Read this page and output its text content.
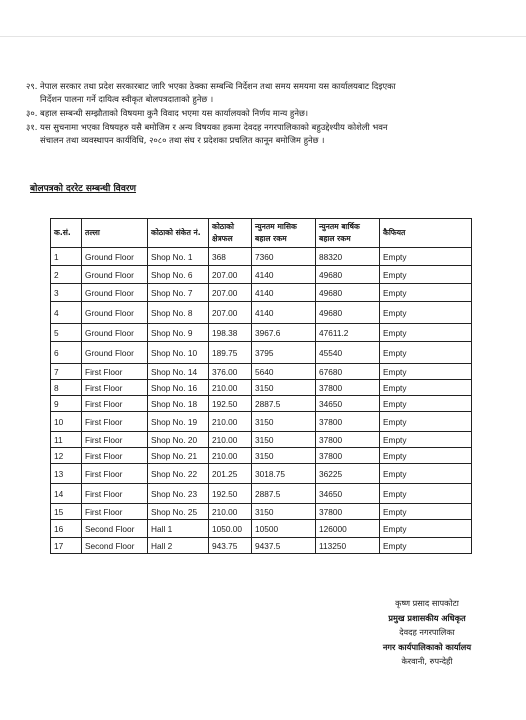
२९. नेपाल सरकार तथा प्रदेश सरकारबाट जारि भएका ठेक्का सम्बन्धि निर्देशन तथा समय समयमा यस कार्यालयबाट दिइएका
निर्देशन पालना गर्ने दायित्व स्वीकृत बोलपत्रदाताको हुनेछ ।

३०. बहाल सम्बन्धी सम्झौताको विषयमा कुनै विवाद भएमा यस कार्यालयको निर्णय मान्य हुनेछ।

३१. यस सुचनामा भएका विषयहरु यसै बमोजिम र अन्य विषयका हकमा देवदह नगरपालिकाको बहुउद्देश्यीय कोशेली भवन
संचालन तथा व्यवस्थापन कार्यविधि, २०८० तथा संघ र प्रदेशका प्रचलित कानून बमोजिम हुनेछ ।

बोलपत्रको दररेट सम्बन्धी विवरण
क.सं.	तल्ला	कोठाको संकेत नं.	कोठाको क्षेत्रफल	न्युनतम मासिक बहाल रकम	न्युनतम बार्षिक बहाल रकम	कैफियत
1	Ground Floor	Shop No. 1	368	7360	88320	Empty
2	Ground Floor	Shop No. 6	207.00	4140	49680	Empty
3	Ground Floor	Shop No. 7	207.00	4140	49680	Empty
4	Ground Floor	Shop No. 8	207.00	4140	49680	Empty
5	Ground Floor	Shop No. 9	198.38	3967.6	47611.2	Empty
6	Ground Floor	Shop No. 10	189.75	3795	45540	Empty
7	First Floor	Shop No. 14	376.00	5640	67680	Empty
8	First Floor	Shop No. 16	210.00	3150	37800	Empty
9	First Floor	Shop No. 18	192.50	2887.5	34650	Empty
10	First Floor	Shop No. 19	210.00	3150	37800	Empty
11	First Floor	Shop No. 20	210.00	3150	37800	Empty
12	First Floor	Shop No. 21	210.00	3150	37800	Empty
13	First Floor	Shop No. 22	201.25	3018.75	36225	Empty
14	First Floor	Shop No. 23	192.50	2887.5	34650	Empty
15	First Floor	Shop No. 25	210.00	3150	37800	Empty
16	Second Floor	Hall 1	1050.00	10500	126000	Empty
17	Second Floor	Hall 2	943.75	9437.5	113250	Empty
कृष्ण प्रसाद सापकोटा
प्रमुख प्रशासकीय अधिकृत
देवदह नगरपालिका
नगर कार्यपालिकाको कार्यालय
केरवानी, रुपन्देही
